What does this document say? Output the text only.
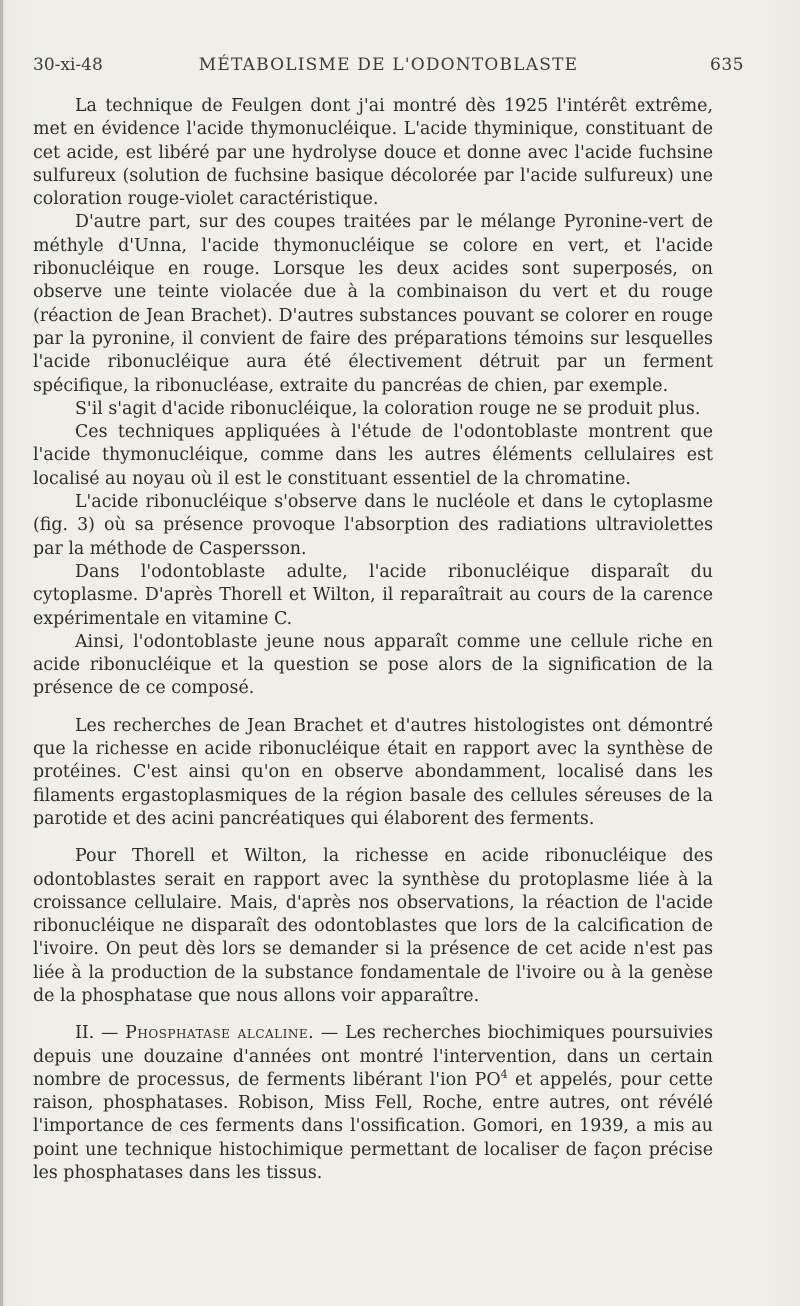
30-xi-48	MÉTABOLISME DE L'ODONTOBLASTE	635

La technique de Feulgen dont j'ai montré dès 1925 l'intérêt extrême, met en évidence l'acide thymonucléique. L'acide thyminique, constituant de cet acide, est libéré par une hydrolyse douce et donne avec l'acide fuchsine sulfureux (solution de fuchsine basique décolorée par l'acide sulfureux) une coloration rouge-violet caractéristique.

D'autre part, sur des coupes traitées par le mélange Pyronine-vert de méthyle d'Unna, l'acide thymonucléique se colore en vert, et l'acide ribonucléique en rouge. Lorsque les deux acides sont superposés, on observe une teinte violacée due à la combinaison du vert et du rouge (réaction de Jean Brachet). D'autres substances pouvant se colorer en rouge par la pyronine, il convient de faire des préparations témoins sur lesquelles l'acide ribonucléique aura été électivement détruit par un ferment spécifique, la ribonucléase, extraite du pancréas de chien, par exemple.

S'il s'agit d'acide ribonucléique, la coloration rouge ne se produit plus.

Ces techniques appliquées à l'étude de l'odontoblaste montrent que l'acide thymonucléique, comme dans les autres éléments cellulaires est localisé au noyau où il est le constituant essentiel de la chromatine.

L'acide ribonucléique s'observe dans le nucléole et dans le cytoplasme (fig. 3) où sa présence provoque l'absorption des radiations ultraviolettes par la méthode de Caspersson.

Dans l'odontoblaste adulte, l'acide ribonucléique disparaît du cytoplasme. D'après Thorell et Wilton, il reparaîtrait au cours de la carence expérimentale en vitamine C.

Ainsi, l'odontoblaste jeune nous apparaît comme une cellule riche en acide ribonucléique et la question se pose alors de la signification de la présence de ce composé.

Les recherches de Jean Brachet et d'autres histologistes ont démontré que la richesse en acide ribonucléique était en rapport avec la synthèse de protéines. C'est ainsi qu'on en observe abondamment, localisé dans les filaments ergastoplasmiques de la région basale des cellules séreuses de la parotide et des acini pancréatiques qui élaborent des ferments.

Pour Thorell et Wilton, la richesse en acide ribonucléique des odontoblastes serait en rapport avec la synthèse du protoplasme liée à la croissance cellulaire. Mais, d'après nos observations, la réaction de l'acide ribonucléique ne disparaît des odontoblastes que lors de la calcification de l'ivoire. On peut dès lors se demander si la présence de cet acide n'est pas liée à la production de la substance fondamentale de l'ivoire ou à la genèse de la phosphatase que nous allons voir apparaître.

II. — Phosphatase alcaline. — Les recherches biochimiques poursuivies depuis une douzaine d'années ont montré l'intervention, dans un certain nombre de processus, de ferments libérant l'ion $PO^4$ et appelés, pour cette raison, phosphatases. Robison, Miss Fell, Roche, entre autres, ont révélé l'importance de ces ferments dans l'ossification. Gomori, en 1939, a mis au point une technique histochimique permettant de localiser de façon précise les phosphatases dans les tissus.
